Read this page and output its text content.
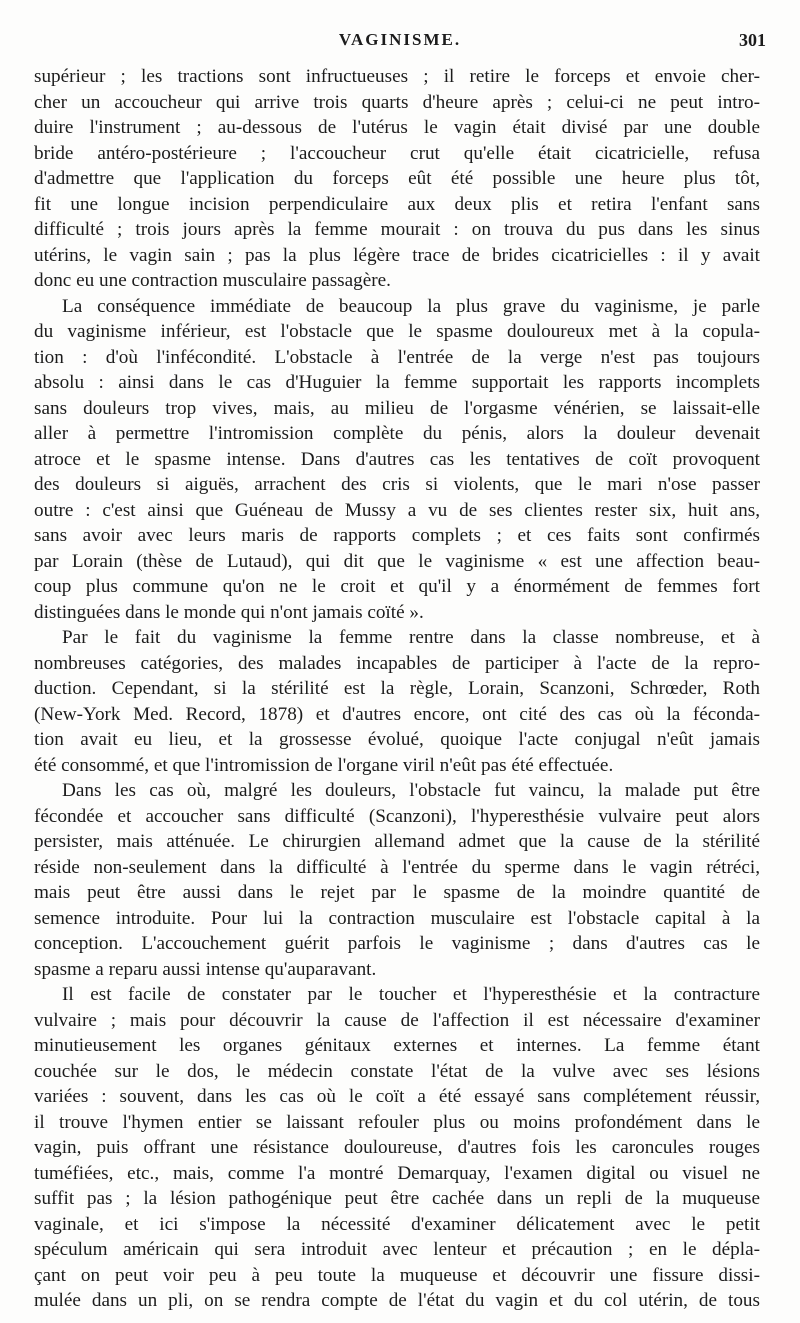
VAGINISME.	301
supérieur ; les tractions sont infructueuses ; il retire le forceps et envoie cher-
cher un accoucheur qui arrive trois quarts d'heure après ; celui-ci ne peut intro-
duire l'instrument ; au-dessous de l'utérus le vagin était divisé par une double
bride antéro-postérieure ; l'accoucheur crut qu'elle était cicatricielle, refusa
d'admettre que l'application du forceps eût été possible une heure plus tôt,
fit une longue incision perpendiculaire aux deux plis et retira l'enfant sans
difficulté ; trois jours après la femme mourait : on trouva du pus dans les sinus
utérins, le vagin sain ; pas la plus légère trace de brides cicatricielles : il y avait
donc eu une contraction musculaire passagère.
La conséquence immédiate de beaucoup la plus grave du vaginisme, je parle
du vaginisme inférieur, est l'obstacle que le spasme douloureux met à la copula-
tion : d'où l'infécondité. L'obstacle à l'entrée de la verge n'est pas toujours
absolu : ainsi dans le cas d'Huguier la femme supportait les rapports incomplets
sans douleurs trop vives, mais, au milieu de l'orgasme vénérien, se laissait-elle
aller à permettre l'intromission complète du pénis, alors la douleur devenait
atroce et le spasme intense. Dans d'autres cas les tentatives de coït provoquent
des douleurs si aiguës, arrachent des cris si violents, que le mari n'ose passer
outre : c'est ainsi que Guéneau de Mussy a vu de ses clientes rester six, huit ans,
sans avoir avec leurs maris de rapports complets ; et ces faits sont confirmés
par Lorain (thèse de Lutaud), qui dit que le vaginisme « est une affection beau-
coup plus commune qu'on ne le croit et qu'il y a énormément de femmes fort
distinguées dans le monde qui n'ont jamais coïté ».
Par le fait du vaginisme la femme rentre dans la classe nombreuse, et à
nombreuses catégories, des malades incapables de participer à l'acte de la repro-
duction. Cependant, si la stérilité est la règle, Lorain, Scanzoni, Schrœder, Roth
(New-York Med. Record, 1878) et d'autres encore, ont cité des cas où la féconda-
tion avait eu lieu, et la grossesse évolué, quoique l'acte conjugal n'eût jamais
été consommé, et que l'intromission de l'organe viril n'eût pas été effectuée.
Dans les cas où, malgré les douleurs, l'obstacle fut vaincu, la malade put être
fécondée et accoucher sans difficulté (Scanzoni), l'hyperesthésie vulvaire peut alors
persister, mais atténuée. Le chirurgien allemand admet que la cause de la stérilité
réside non-seulement dans la difficulté à l'entrée du sperme dans le vagin rétréci,
mais peut être aussi dans le rejet par le spasme de la moindre quantité de
semence introduite. Pour lui la contraction musculaire est l'obstacle capital à la
conception. L'accouchement guérit parfois le vaginisme ; dans d'autres cas le
spasme a reparu aussi intense qu'auparavant.
Il est facile de constater par le toucher et l'hyperesthésie et la contracture
vulvaire ; mais pour découvrir la cause de l'affection il est nécessaire d'examiner
minutieusement les organes génitaux externes et internes. La femme étant
couchée sur le dos, le médecin constate l'état de la vulve avec ses lésions
variées : souvent, dans les cas où le coït a été essayé sans complétement réussir,
il trouve l'hymen entier se laissant refouler plus ou moins profondément dans le
vagin, puis offrant une résistance douloureuse, d'autres fois les caroncules rouges
tuméfiées, etc., mais, comme l'a montré Demarquay, l'examen digital ou visuel ne
suffit pas ; la lésion pathogénique peut être cachée dans un repli de la muqueuse
vaginale, et ici s'impose la nécessité d'examiner délicatement avec le petit
spéculum américain qui sera introduit avec lenteur et précaution ; en le dépla-
çant on peut voir peu à peu toute la muqueuse et découvrir une fissure dissi-
mulée dans un pli, on se rendra compte de l'état du vagin et du col utérin, de tous
